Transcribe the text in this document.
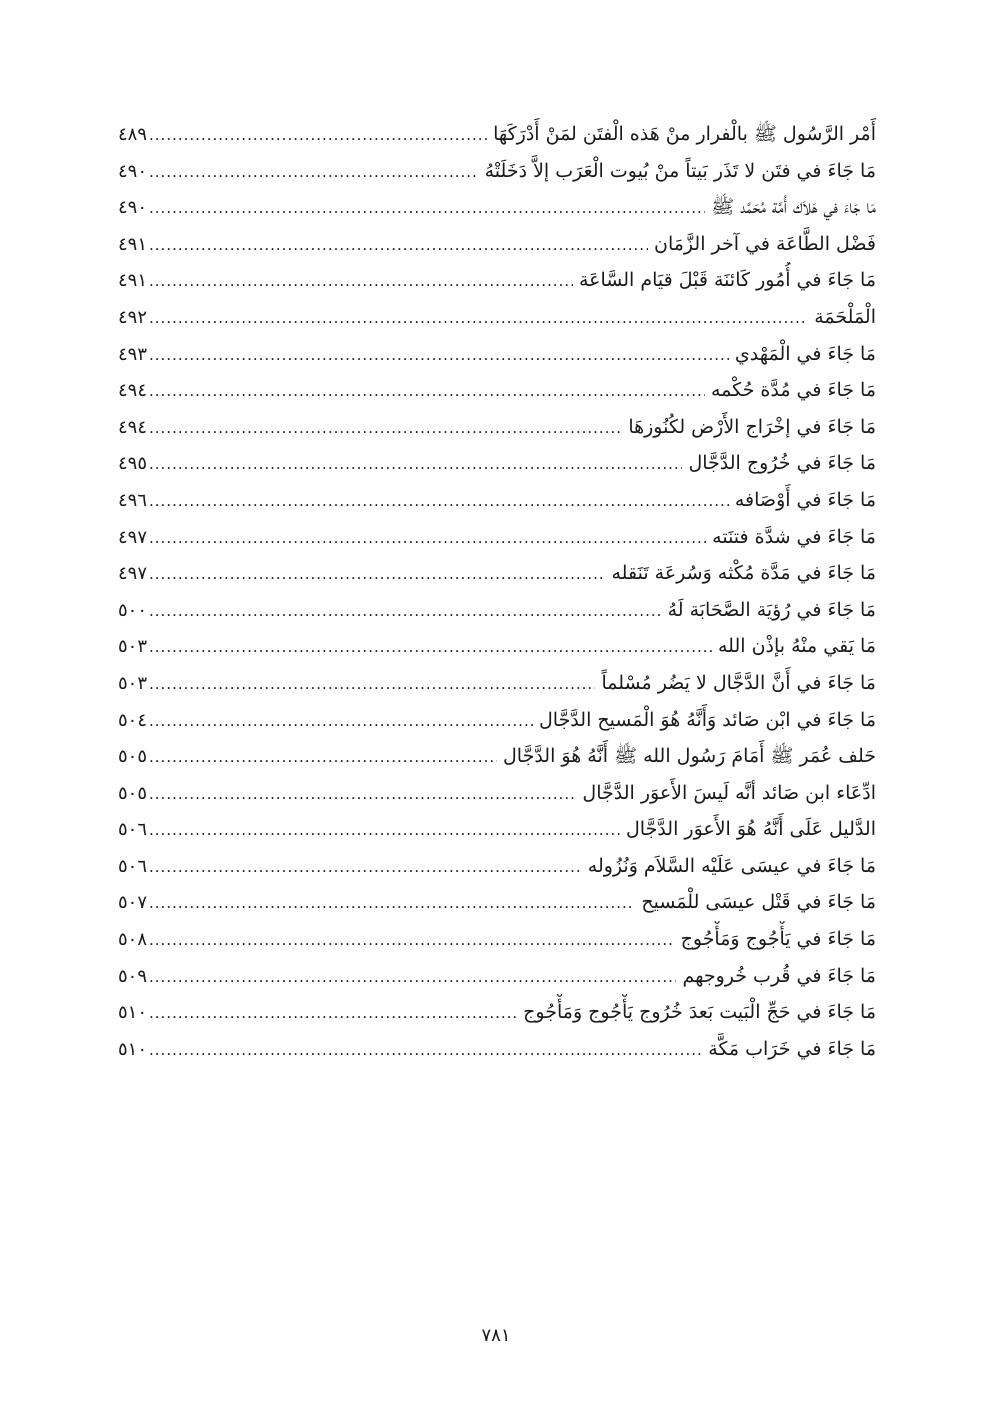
أَمْر الرَّسُول ﷺ بالْفرار منْ هَذه الْفتَن لمَنْ أَدْرَكَهَا
.....
٤٨٩
مَا جَاءَ في فتَن لا تَذَر بَيتاً منْ بُيوت الْعَرَب إلاَّ دَخَلَتْهُ
.....
٤٩٠
مَا جَاءَ في هَلاَك أُمَّة مُحَمَّد ﷺ
.....
٤٩٠
فَضْل الطَّاعَة في آخر الزَّمَان
.....
٤٩١
مَا جَاءَ في أُمُور كَائنَة قَبْلَ قيَام السَّاعَة
.....
٤٩١
الْمَلْحَمَة
.....
٤٩٢
مَا جَاءَ في الْمَهْدي
.....
٤٩٣
مَا جَاءَ في مُدَّة حُكْمه
.....
٤٩٤
مَا جَاءَ في إخْرَاج الأَرْض لكُنُوزهَا
.....
٤٩٤
مَا جَاءَ في خُرُوج الدَّجَّال
.....
٤٩٥
مَا جَاءَ في أَوْصَافه
.....
٤٩٦
مَا جَاءَ في شدَّة فتنَته
.....
٤٩٧
مَا جَاءَ في مَدَّة مُكْثه وَسُرعَة تَنَقله
.....
٤٩٧
مَا جَاءَ في رُؤيَة الصَّحَابَة لَهُ
.....
٥٠٠
مَا يَقي منْهُ بإذْن الله
.....
٥٠٣
مَا جَاءَ في أَنَّ الدَّجَّال لا يَضُر مُسْلماً
.....
٥٠٣
مَا جَاءَ في ابْن صَائد وَأَنَّهُ هُوَ الْمَسيح الدَّجَّال
.....
٥٠٤
حَلف عُمَر ﷺ أَمَامَ رَسُول الله ﷺ أَنَّهُ هُوَ الدَّجَّال
.....
٥٠٥
ادِّعَاء ابن صَائد أنَّه لَيسَ الأَعوَر الدَّجَّال
.....
٥٠٥
الدَّليل عَلَى أَنَّهُ هُوَ الأَعوَر الدَّجَّال
.....
٥٠٦
مَا جَاءَ في عيسَى عَلَيْه السَّلاَم وَنُزُوله
.....
٥٠٦
مَا جَاءَ في قَتْل عيسَى للْمَسيح
.....
٥٠٧
مَا جَاءَ في يَأْجُوج وَمَأْجُوج
.....
٥٠٨
مَا جَاءَ في قُرب خُروجهم
.....
٥٠٩
مَا جَاءَ في حَجِّ الْبَيت بَعدَ خُرُوج يَأْجُوج وَمَأْجُوج
.....
٥١٠
مَا جَاءَ في خَرَاب مَكَّة
.....
٥١٠
٧٨١
